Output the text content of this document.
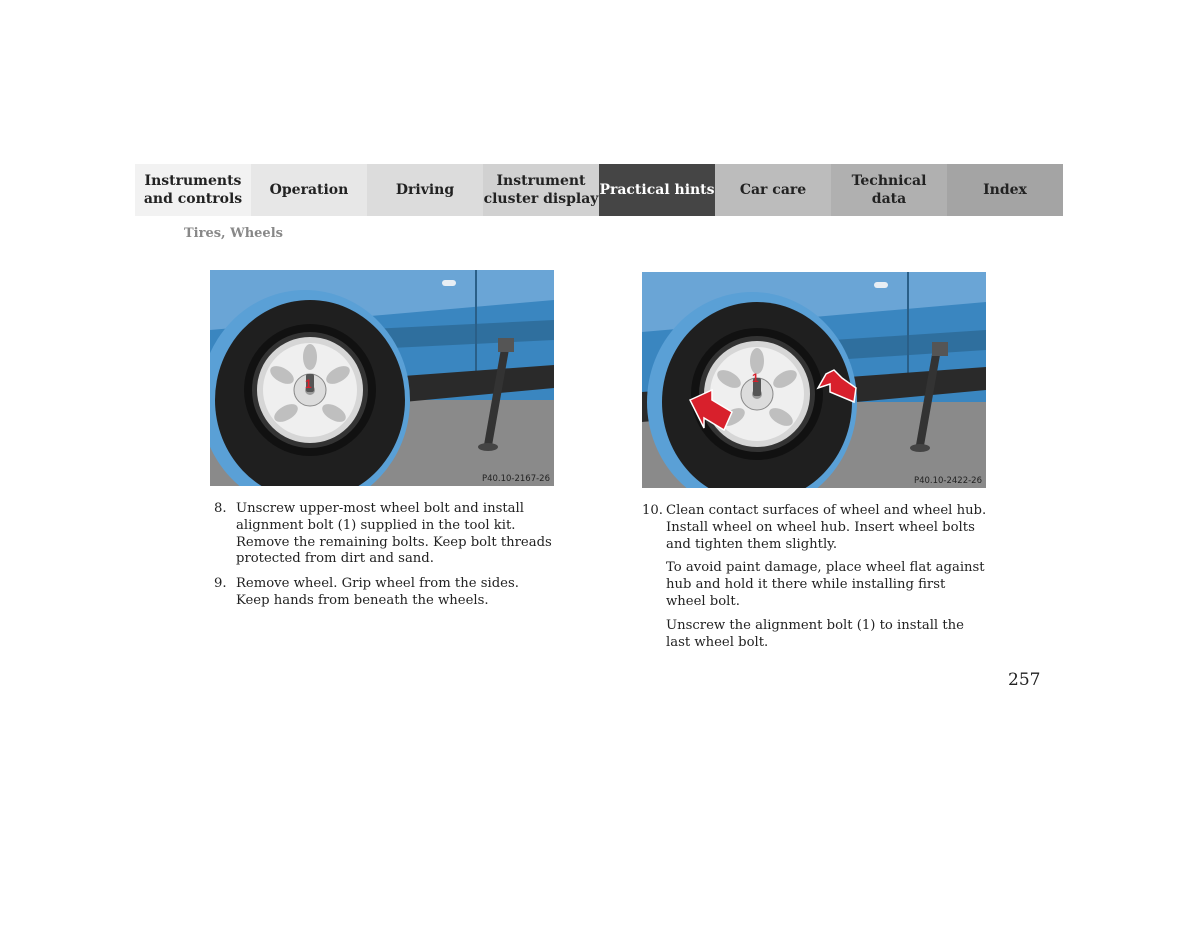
Instruments
and controls
Operation	Driving
Instrument
cluster display
Practical hints	Car care
Technical
data
Index
Tires, Wheels
1
P40.10-2167-26
1
P40.10-2422-26
8. Unscrew upper-most wheel bolt and install alignment bolt (1) supplied in the tool kit. Remove the remaining bolts. Keep bolt threads protected from dirt and sand.
9. Remove wheel. Grip wheel from the sides. Keep hands from beneath the wheels.
10. Clean contact surfaces of wheel and wheel hub. Install wheel on wheel hub. Insert wheel bolts and tighten them slightly.

To avoid paint damage, place wheel flat against hub and hold it there while installing first wheel bolt.

Unscrew the alignment bolt (1) to install the last wheel bolt.

257
